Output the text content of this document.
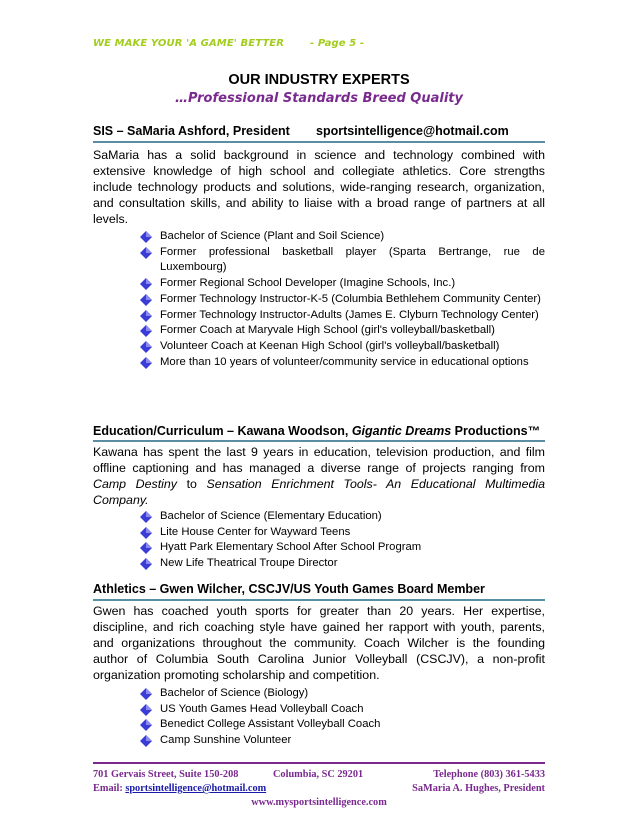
WE MAKE YOUR 'A GAME' BETTER	- Page 5 -
OUR INDUSTRY EXPERTS
…Professional Standards Breed Quality
SIS – SaMaria Ashford, President sportsintelligence@hotmail.com
SaMaria has a solid background in science and technology combined with extensive knowledge of high school and collegiate athletics. Core strengths include technology products and solutions, wide-ranging research, organization, and consultation skills, and ability to liaise with a broad range of partners at all levels.
Bachelor of Science (Plant and Soil Science)
Former professional basketball player (Sparta Bertrange, rue de Luxembourg)
Former Regional School Developer (Imagine Schools, Inc.)
Former Technology Instructor-K-5 (Columbia Bethlehem Community Center)
Former Technology Instructor-Adults (James E. Clyburn Technology Center)
Former Coach at Maryvale High School (girl's volleyball/basketball)
Volunteer Coach at Keenan High School (girl's volleyball/basketball)
More than 10 years of volunteer/community service in educational options
Education/Curriculum – Kawana Woodson, Gigantic Dreams Productions™
Kawana has spent the last 9 years in education, television production, and film offline captioning and has managed a diverse range of projects ranging from Camp Destiny to Sensation Enrichment Tools- An Educational Multimedia Company.
Bachelor of Science (Elementary Education)
Lite House Center for Wayward Teens
Hyatt Park Elementary School After School Program
New Life Theatrical Troupe Director
Athletics – Gwen Wilcher, CSCJV/US Youth Games Board Member
Gwen has coached youth sports for greater than 20 years. Her expertise, discipline, and rich coaching style have gained her rapport with youth, parents, and organizations throughout the community. Coach Wilcher is the founding author of Columbia South Carolina Junior Volleyball (CSCJV), a non-profit organization promoting scholarship and competition.
Bachelor of Science (Biology)
US Youth Games Head Volleyball Coach
Benedict College Assistant Volleyball Coach
Camp Sunshine Volunteer
701 Gervais Street, Suite 150-208	Columbia, SC 29201	Telephone (803) 361-5433
Email: sportsintelligence@hotmail.com	SaMaria A. Hughes, President
www.mysportsintelligence.com
